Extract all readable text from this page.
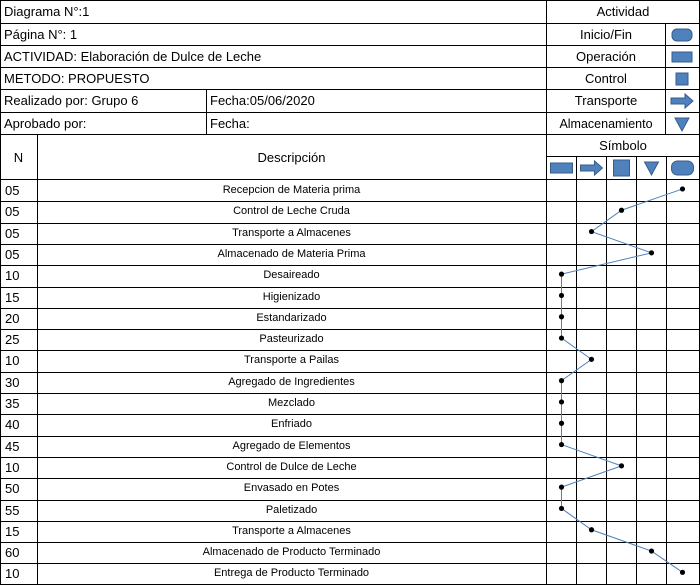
Diagrama N°:1
Página N°: 1
ACTIVIDAD: Elaboración de Dulce de Leche
METODO: PROPUESTO
Realizado por: Grupo 6	Fecha:05/06/2020
Aprobado por:	Fecha:
Actividad
Inicio/Fin
Operación
Control
Transporte
Almacenamiento
N	Descripción
Símbolo
05	Recepcion de Materia prima
05	Control de Leche Cruda
05	Transporte a Almacenes
05	Almacenado de Materia Prima
10	Desaireado
15	Higienizado
20	Estandarizado
25	Pasteurizado
10	Transporte a Pailas
30	Agregado de Ingredientes
35	Mezclado
40	Enfriado
45	Agregado de Elementos
10	Control de Dulce de Leche
50	Envasado en Potes
55	Paletizado
15	Transporte a Almacenes
60	Almacenado de Producto Terminado
10	Entrega de Producto Terminado
